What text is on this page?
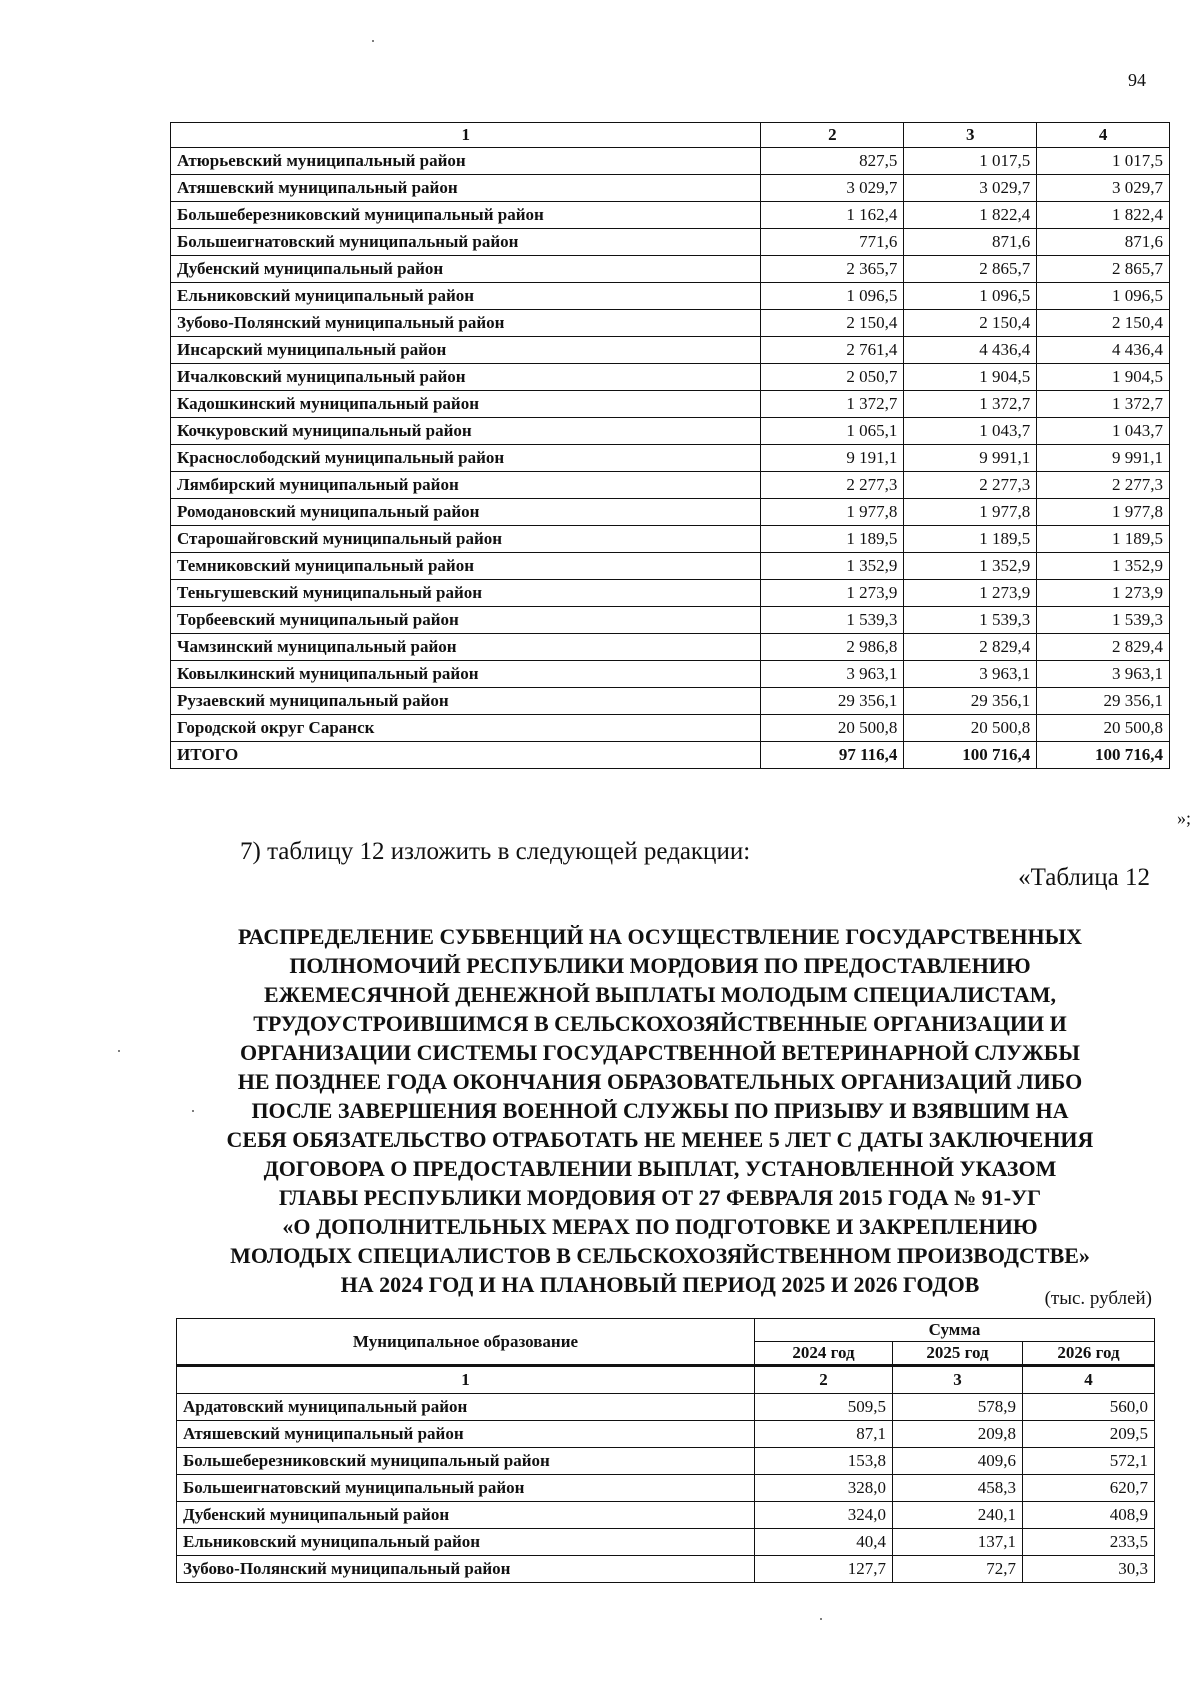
94
1	2	3	4
Атюрьевский муниципальный район	827,5	1 017,5	1 017,5
Атяшевский муниципальный район	3 029,7	3 029,7	3 029,7
Большеберезниковский муниципальный район	1 162,4	1 822,4	1 822,4
Большеигнатовский муниципальный район	771,6	871,6	871,6
Дубенский муниципальный район	2 365,7	2 865,7	2 865,7
Ельниковский муниципальный район	1 096,5	1 096,5	1 096,5
Зубово-Полянский муниципальный район	2 150,4	2 150,4	2 150,4
Инсарский муниципальный район	2 761,4	4 436,4	4 436,4
Ичалковский муниципальный район	2 050,7	1 904,5	1 904,5
Кадошкинский муниципальный район	1 372,7	1 372,7	1 372,7
Кочкуровский муниципальный район	1 065,1	1 043,7	1 043,7
Краснослободский муниципальный район	9 191,1	9 991,1	9 991,1
Лямбирский муниципальный район	2 277,3	2 277,3	2 277,3
Ромодановский муниципальный район	1 977,8	1 977,8	1 977,8
Старошайговский муниципальный район	1 189,5	1 189,5	1 189,5
Темниковский муниципальный район	1 352,9	1 352,9	1 352,9
Теньгушевский муниципальный район	1 273,9	1 273,9	1 273,9
Торбеевский муниципальный район	1 539,3	1 539,3	1 539,3
Чамзинский муниципальный район	2 986,8	2 829,4	2 829,4
Ковылкинский муниципальный район	3 963,1	3 963,1	3 963,1
Рузаевский муниципальный район	29 356,1	29 356,1	29 356,1
Городской округ Саранск	20 500,8	20 500,8	20 500,8
ИТОГО	97 116,4	100 716,4	100 716,4
»;
7) таблицу 12 изложить в следующей редакции:
«Таблица 12
РАСПРЕДЕЛЕНИЕ СУБВЕНЦИЙ НА ОСУЩЕСТВЛЕНИЕ ГОСУДАРСТВЕННЫХ
ПОЛНОМОЧИЙ РЕСПУБЛИКИ МОРДОВИЯ ПО ПРЕДОСТАВЛЕНИЮ
ЕЖЕМЕСЯЧНОЙ ДЕНЕЖНОЙ ВЫПЛАТЫ МОЛОДЫМ СПЕЦИАЛИСТАМ,
ТРУДОУСТРОИВШИМСЯ В СЕЛЬСКОХОЗЯЙСТВЕННЫЕ ОРГАНИЗАЦИИ И
ОРГАНИЗАЦИИ СИСТЕМЫ ГОСУДАРСТВЕННОЙ ВЕТЕРИНАРНОЙ СЛУЖБЫ
НЕ ПОЗДНЕЕ ГОДА ОКОНЧАНИЯ ОБРАЗОВАТЕЛЬНЫХ ОРГАНИЗАЦИЙ ЛИБО
ПОСЛЕ ЗАВЕРШЕНИЯ ВОЕННОЙ СЛУЖБЫ ПО ПРИЗЫВУ И ВЗЯВШИМ НА
СЕБЯ ОБЯЗАТЕЛЬСТВО ОТРАБОТАТЬ НЕ МЕНЕЕ 5 ЛЕТ С ДАТЫ ЗАКЛЮЧЕНИЯ
ДОГОВОРА О ПРЕДОСТАВЛЕНИИ ВЫПЛАТ, УСТАНОВЛЕННОЙ УКАЗОМ
ГЛАВЫ РЕСПУБЛИКИ МОРДОВИЯ ОТ 27 ФЕВРАЛЯ 2015 ГОДА № 91-УГ
«О ДОПОЛНИТЕЛЬНЫХ МЕРАХ ПО ПОДГОТОВКЕ И ЗАКРЕПЛЕНИЮ
МОЛОДЫХ СПЕЦИАЛИСТОВ В СЕЛЬСКОХОЗЯЙСТВЕННОМ ПРОИЗВОДСТВЕ»
НА 2024 ГОД И НА ПЛАНОВЫЙ ПЕРИОД 2025 И 2026 ГОДОВ
(тыс. рублей)
Муниципальное образование	Сумма		
	2024 год	2025 год	2026 год
1	2	3	4
Ардатовский муниципальный район	509,5	578,9	560,0
Атяшевский муниципальный район	87,1	209,8	209,5
Большеберезниковский муниципальный район	153,8	409,6	572,1
Большеигнатовский муниципальный район	328,0	458,3	620,7
Дубенский муниципальный район	324,0	240,1	408,9
Ельниковский муниципальный район	40,4	137,1	233,5
Зубово-Полянский муниципальный район	127,7	72,7	30,3
